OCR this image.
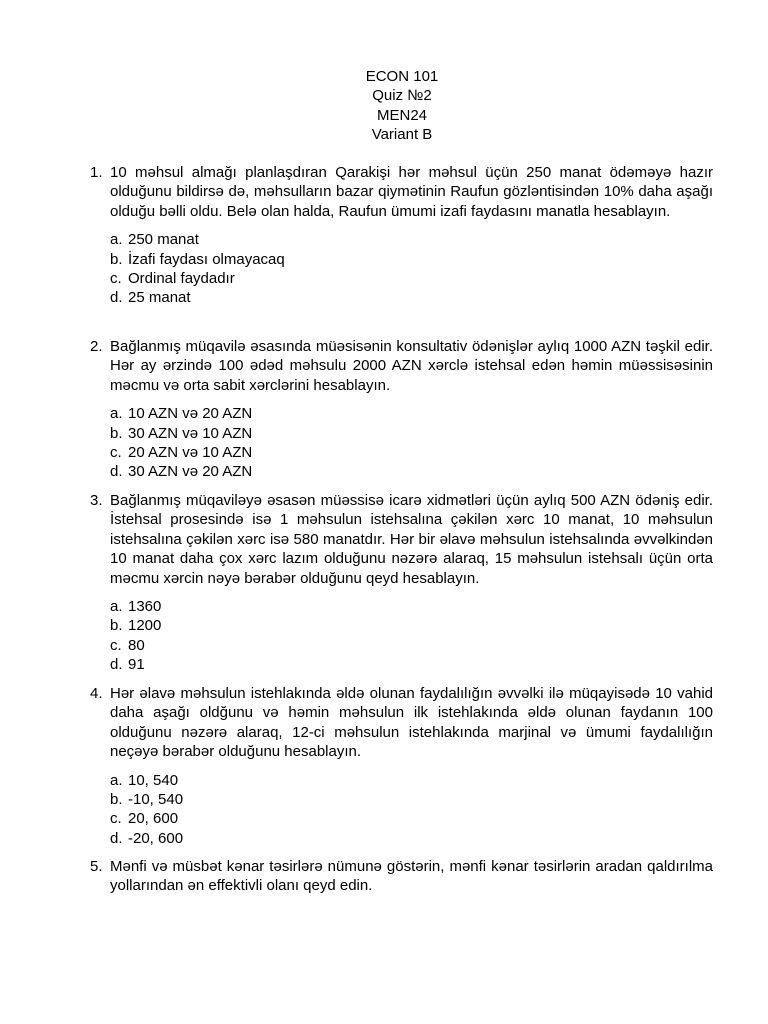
ECON 101
Quiz №2
MEN24
Variant B
1. 10 məhsul almağı planlaşdıran Qarakişi hər məhsul üçün 250 manat ödəməyə hazır olduğunu bildirsə də, məhsulların bazar qiymətinin Raufun gözləntisindən 10% daha aşağı olduğu bəlli oldu. Belə olan halda, Raufun ümumi izafi faydasını manatla hesablayın.
a. 250 manat
b. İzafi faydası olmayacaq
c. Ordinal faydadır
d. 25 manat
2. Bağlanmış müqavilə əsasında müəsisənin konsultativ ödənişlər aylıq 1000 AZN təşkil edir. Hər ay ərzində 100 ədəd məhsulu 2000 AZN xərclə istehsal edən həmin müəssisəsinin məcmu və orta sabit xərclərini hesablayın.
a. 10 AZN və 20 AZN
b. 30 AZN və 10 AZN
c. 20 AZN və 10 AZN
d. 30 AZN və 20 AZN
3. Bağlanmış müqaviləyə əsasən müəssisə icarə xidmətləri üçün aylıq 500 AZN ödəniş edir. İstehsal prosesində isə 1 məhsulun istehsalına çəkilən xərc 10 manat, 10 məhsulun istehsalına çəkilən xərc isə 580 manatdır. Hər bir əlavə məhsulun istehsalında əvvəlkindən 10 manat daha çox xərc lazım olduğunu nəzərə alaraq, 15 məhsulun istehsalı üçün orta məcmu xərcin nəyə bərabər olduğunu qeyd hesablayın.
a. 1360
b. 1200
c. 80
d. 91
4. Hər əlavə məhsulun istehlakında əldə olunan faydalılığın əvvəlki ilə müqayisədə 10 vahid daha aşağı oldğunu və həmin məhsulun ilk istehlakında əldə olunan faydanın 100 olduğunu nəzərə alaraq, 12-ci məhsulun istehlakında marjinal və ümumi faydalılığın neçəyə bərabər olduğunu hesablayın.
a. 10, 540
b. -10, 540
c. 20, 600
d. -20, 600
5. Mənfi və müsbət kənar təsirlərə nümunə göstərin, mənfi kənar təsirlərin aradan qaldırılma yollarından ən effektivli olanı qeyd edin.
